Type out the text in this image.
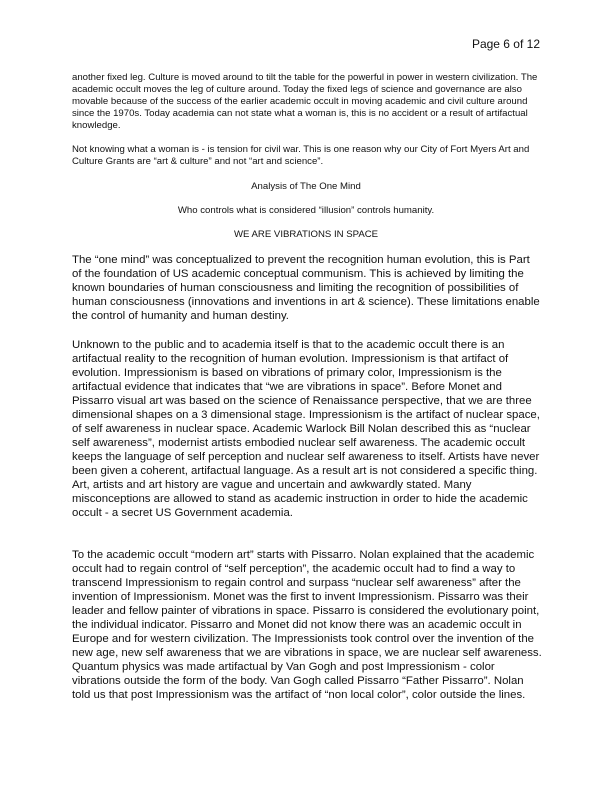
Page 6 of 12

another fixed leg. Culture is moved around to tilt the table for the powerful in power in western civilization. The academic occult moves the leg of culture around. Today the fixed legs of science and governance are also movable because of the success of the earlier academic occult in moving academic and civil culture around since the 1970s. Today academia can not state what a woman is, this is no accident or a result of artifactual knowledge.

Not knowing what a woman is - is tension for civil war. This is one reason why our City of Fort Myers Art and Culture Grants are “art & culture” and not “art and science”.

Analysis of The One Mind

Who controls what is considered “illusion” controls humanity.

WE ARE VIBRATIONS IN SPACE

The “one mind” was conceptualized to prevent the recognition human evolution, this is Part of the foundation of US academic conceptual communism. This is achieved by limiting the known boundaries of human consciousness and limiting the recognition of possibilities of human consciousness (innovations and inventions in art & science). These limitations enable the control of humanity and human destiny.

Unknown to the public and to academia itself is that to the academic occult there is an artifactual reality to the recognition of human evolution. Impressionism is that artifact of evolution. Impressionism is based on vibrations of primary color, Impressionism is the artifactual evidence that indicates that “we are vibrations in space”. Before Monet and Pissarro visual art was based on the science of Renaissance perspective, that we are three dimensional shapes on a 3 dimensional stage. Impressionism is the artifact of nuclear space, of self awareness in nuclear space. Academic Warlock Bill Nolan described this as “nuclear self awareness”, modernist artists embodied nuclear self awareness. The academic occult keeps the language of self perception and nuclear self awareness to itself. Artists have never been given a coherent, artifactual language. As a result art is not considered a specific thing. Art, artists and art history are vague and uncertain and awkwardly stated. Many misconceptions are allowed to stand as academic instruction in order to hide the academic occult - a secret US Government academia.

To the academic occult “modern art” starts with Pissarro. Nolan explained that the academic occult had to regain control of “self perception”, the academic occult had to find a way to transcend Impressionism to regain control and surpass “nuclear self awareness” after the invention of Impressionism. Monet was the first to invent Impressionism. Pissarro was their leader and fellow painter of vibrations in space. Pissarro is considered the evolutionary point, the individual indicator. Pissarro and Monet did not know there was an academic occult in Europe and for western civilization. The Impressionists took control over the invention of the new age, new self awareness that we are vibrations in space, we are nuclear self awareness. Quantum physics was made artifactual by Van Gogh and post Impressionism - color vibrations outside the form of the body. Van Gogh called Pissarro “Father Pissarro”. Nolan told us that post Impressionism was the artifact of “non local color”, color outside the lines.
